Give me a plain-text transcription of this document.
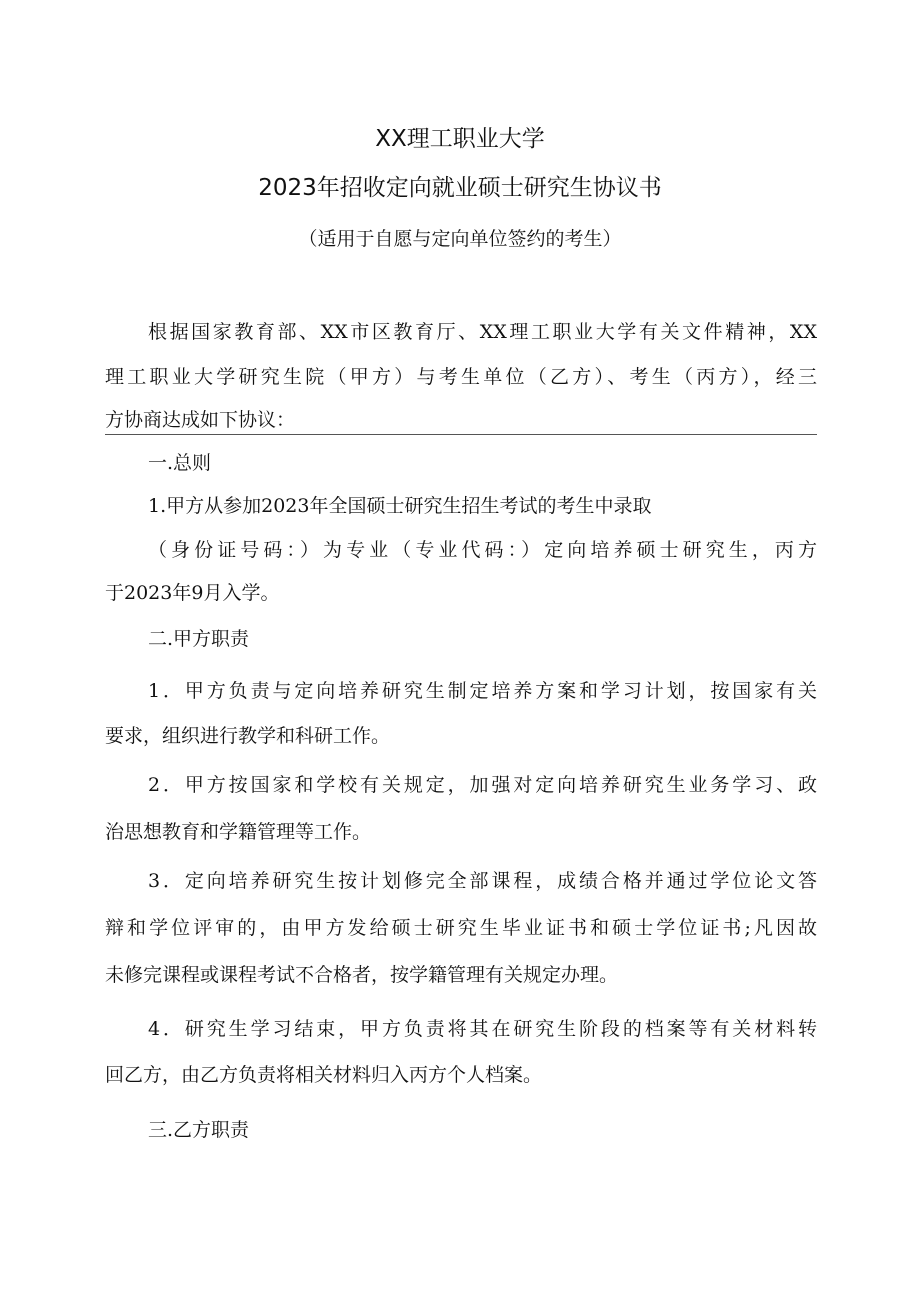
XX理工职业大学
2023年招收定向就业硕士研究生协议书
（适用于自愿与定向单位签约的考生）
根据国家教育部、XX市区教育厅、XX理工职业大学有关文件精神，XX
理工职业大学研究生院（甲方）与考生单位（乙方）、考生（丙方），经三
方协商达成如下协议：
一.总则
1.甲方从参加2023年全国硕士研究生招生考试的考生中录取
（身份证号码：）为专业（专业代码：）定向培养硕士研究生，丙方
于2023年9月入学。
二.甲方职责
1．甲方负责与定向培养研究生制定培养方案和学习计划，按国家有关
要求，组织进行教学和科研工作。
2．甲方按国家和学校有关规定，加强对定向培养研究生业务学习、政
治思想教育和学籍管理等工作。
3．定向培养研究生按计划修完全部课程，成绩合格并通过学位论文答
辩和学位评审的，由甲方发给硕士研究生毕业证书和硕士学位证书;凡因故
未修完课程或课程考试不合格者，按学籍管理有关规定办理。
4．研究生学习结束，甲方负责将其在研究生阶段的档案等有关材料转
回乙方，由乙方负责将相关材料归入丙方个人档案。
三.乙方职责
